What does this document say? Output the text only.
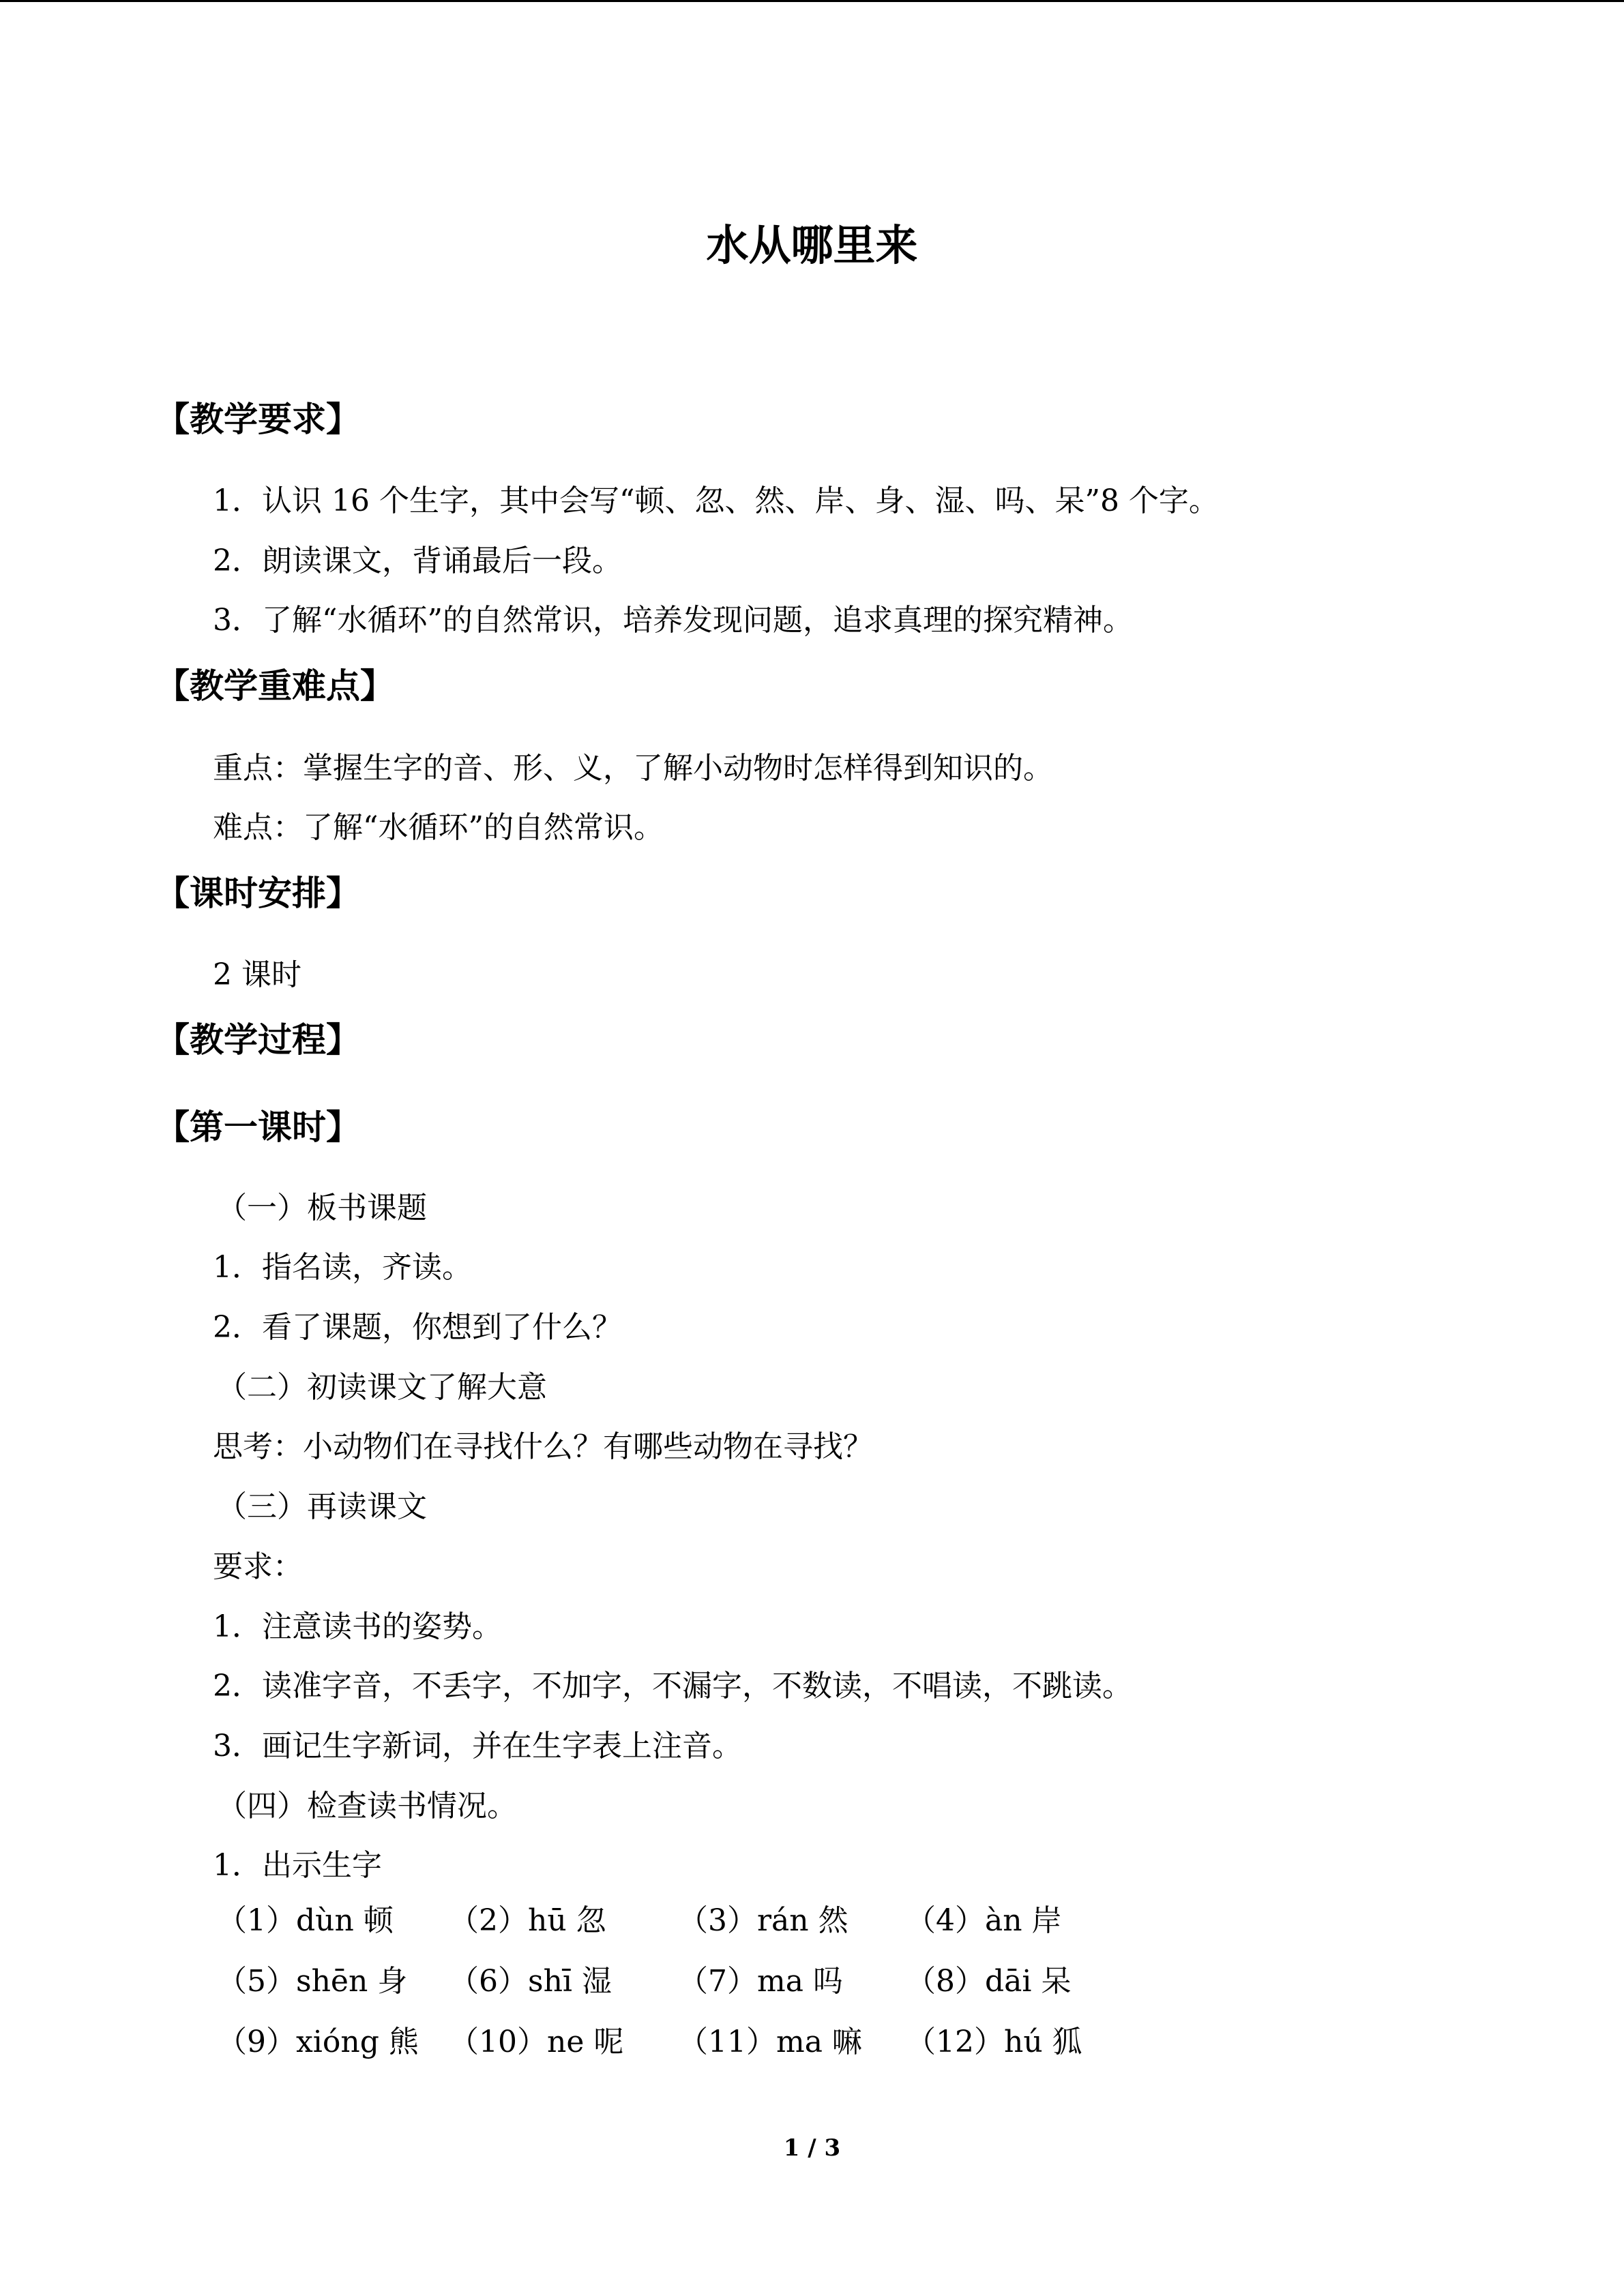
水从哪里来
【教学要求】
1．认识 16 个生字，其中会写“顿、忽、然、岸、身、湿、吗、呆”8 个字。
2．朗读课文，背诵最后一段。
3．了解“水循环”的自然常识，培养发现问题，追求真理的探究精神。
【教学重难点】
重点：掌握生字的音、形、义，了解小动物时怎样得到知识的。
难点：了解“水循环”的自然常识。
【课时安排】
2 课时
【教学过程】
【第一课时】
（一）板书课题
1．指名读，齐读。
2．看了课题，你想到了什么？
（二）初读课文了解大意
思考：小动物们在寻找什么？有哪些动物在寻找？
（三）再读课文
要求：
1．注意读书的姿势。
2．读准字音，不丢字，不加字，不漏字，不数读，不唱读，不跳读。
3．画记生字新词，并在生字表上注音。
（四）检查读书情况。
1．出示生字
（1）dùn 顿 （2）hū 忽 （3）rán 然 （4）àn 岸
（5）shēn 身 （6）shī 湿 （7）ma 吗 （8）dāi 呆
（9）xióng 熊 （10）ne 呢 （11）ma 嘛 （12）hú 狐
1 / 3
